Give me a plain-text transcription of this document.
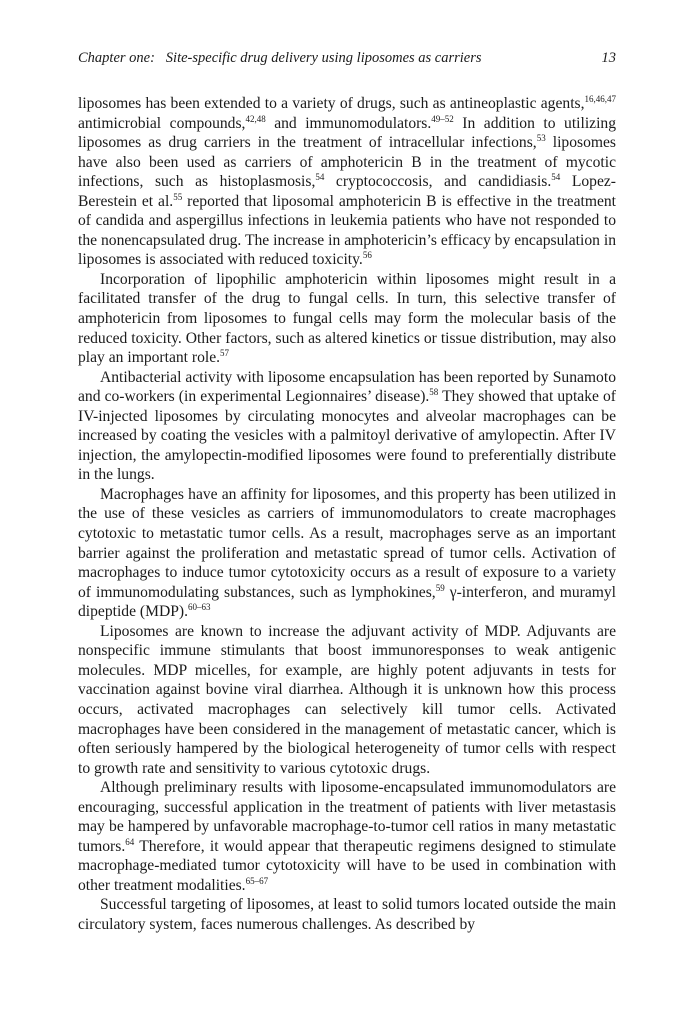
Chapter one: Site-specific drug delivery using liposomes as carriers	13

liposomes has been extended to a variety of drugs, such as antineoplastic agents,$^{16,46,47}$ antimicrobial compounds,$^{42,48}$ and immunomodulators.$^{49-52}$ In addition to utilizing liposomes as drug carriers in the treatment of intracellular infections,$^{53}$ liposomes have also been used as carriers of amphotericin B in the treatment of mycotic infections, such as histoplasmosis,$^{54}$ cryptococcosis, and candidiasis.$^{54}$ Lopez-Berestein et al.$^{55}$ reported that liposomal amphotericin B is effective in the treatment of candida and aspergillus infections in leukemia patients who have not responded to the nonencapsulated drug. The increase in amphotericin’s efficacy by encapsulation in liposomes is associated with reduced toxicity.$^{56}$

Incorporation of lipophilic amphotericin within liposomes might result in a facilitated transfer of the drug to fungal cells. In turn, this selective transfer of amphotericin from liposomes to fungal cells may form the molecular basis of the reduced toxicity. Other factors, such as altered kinetics or tissue distribution, may also play an important role.$^{57}$

Antibacterial activity with liposome encapsulation has been reported by Sunamoto and co-workers (in experimental Legionnaires’ disease).$^{58}$ They showed that uptake of IV-injected liposomes by circulating monocytes and alveolar macrophages can be increased by coating the vesicles with a palmitoyl derivative of amylopectin. After IV injection, the amylopectin-modified liposomes were found to preferentially distribute in the lungs.

Macrophages have an affinity for liposomes, and this property has been utilized in the use of these vesicles as carriers of immunomodulators to create macrophages cytotoxic to metastatic tumor cells. As a result, macrophages serve as an important barrier against the proliferation and metastatic spread of tumor cells. Activation of macrophages to induce tumor cytotoxicity occurs as a result of exposure to a variety of immunomodulating substances, such as lymphokines,$^{59}$ γ-interferon, and muramyl dipeptide (MDP).$^{60-63}$

Liposomes are known to increase the adjuvant activity of MDP. Adjuvants are nonspecific immune stimulants that boost immunoresponses to weak antigenic molecules. MDP micelles, for example, are highly potent adjuvants in tests for vaccination against bovine viral diarrhea. Although it is unknown how this process occurs, activated macrophages can selectively kill tumor cells. Activated macrophages have been considered in the management of metastatic cancer, which is often seriously hampered by the biological heterogeneity of tumor cells with respect to growth rate and sensitivity to various cytotoxic drugs.

Although preliminary results with liposome-encapsulated immunomodulators are encouraging, successful application in the treatment of patients with liver metastasis may be hampered by unfavorable macrophage-to-tumor cell ratios in many metastatic tumors.$^{64}$ Therefore, it would appear that therapeutic regimens designed to stimulate macrophage-mediated tumor cytotoxicity will have to be used in combination with other treatment modalities.$^{65-67}$

Successful targeting of liposomes, at least to solid tumors located outside the main circulatory system, faces numerous challenges. As described by
